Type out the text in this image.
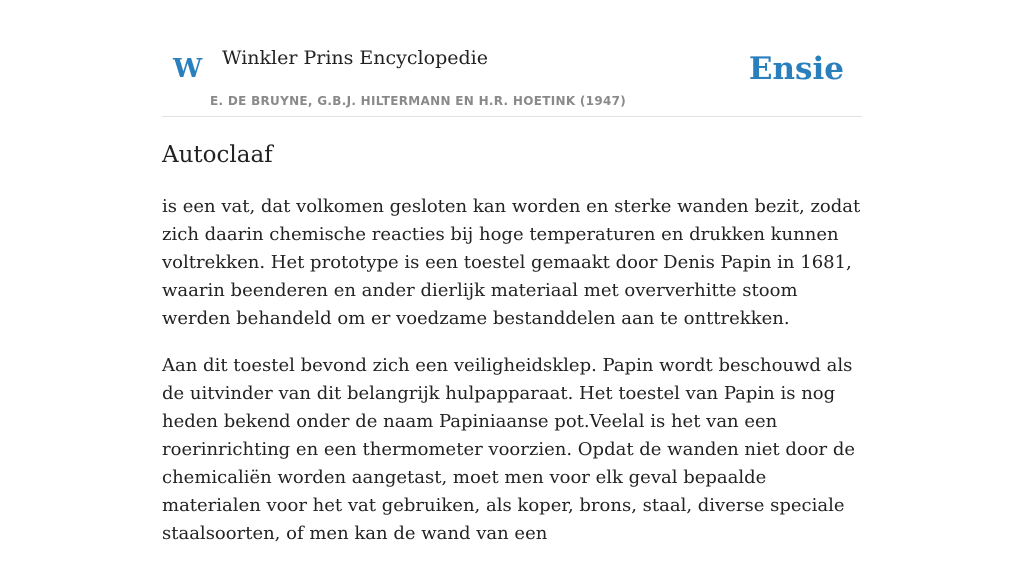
W Winkler Prins Encyclopedie
E. DE BRUYNE, G.B.J. HILTERMANN EN H.R. HOETINK (1947)
Ensie
Autoclaaf

is een vat, dat volkomen gesloten kan worden en sterke wanden bezit, zodat zich daarin chemische reacties bij hoge temperaturen en drukken kunnen voltrekken. Het prototype is een toestel gemaakt door Denis Papin in 1681, waarin beenderen en ander dierlijk materiaal met oververhitte stoom werden behandeld om er voedzame bestanddelen aan te onttrekken.

Aan dit toestel bevond zich een veiligheidsklep. Papin wordt beschouwd als de uitvinder van dit belangrijk hulpapparaat. Het toestel van Papin is nog heden bekend onder de naam Papiniaanse pot.Veelal is het van een roerinrichting en een thermometer voorzien. Opdat de wanden niet door de chemicaliën worden aangetast, moet men voor elk geval bepaalde materialen voor het vat gebruiken, als koper, brons, staal, diverse speciale staalsoorten, of men kan de wand van een
